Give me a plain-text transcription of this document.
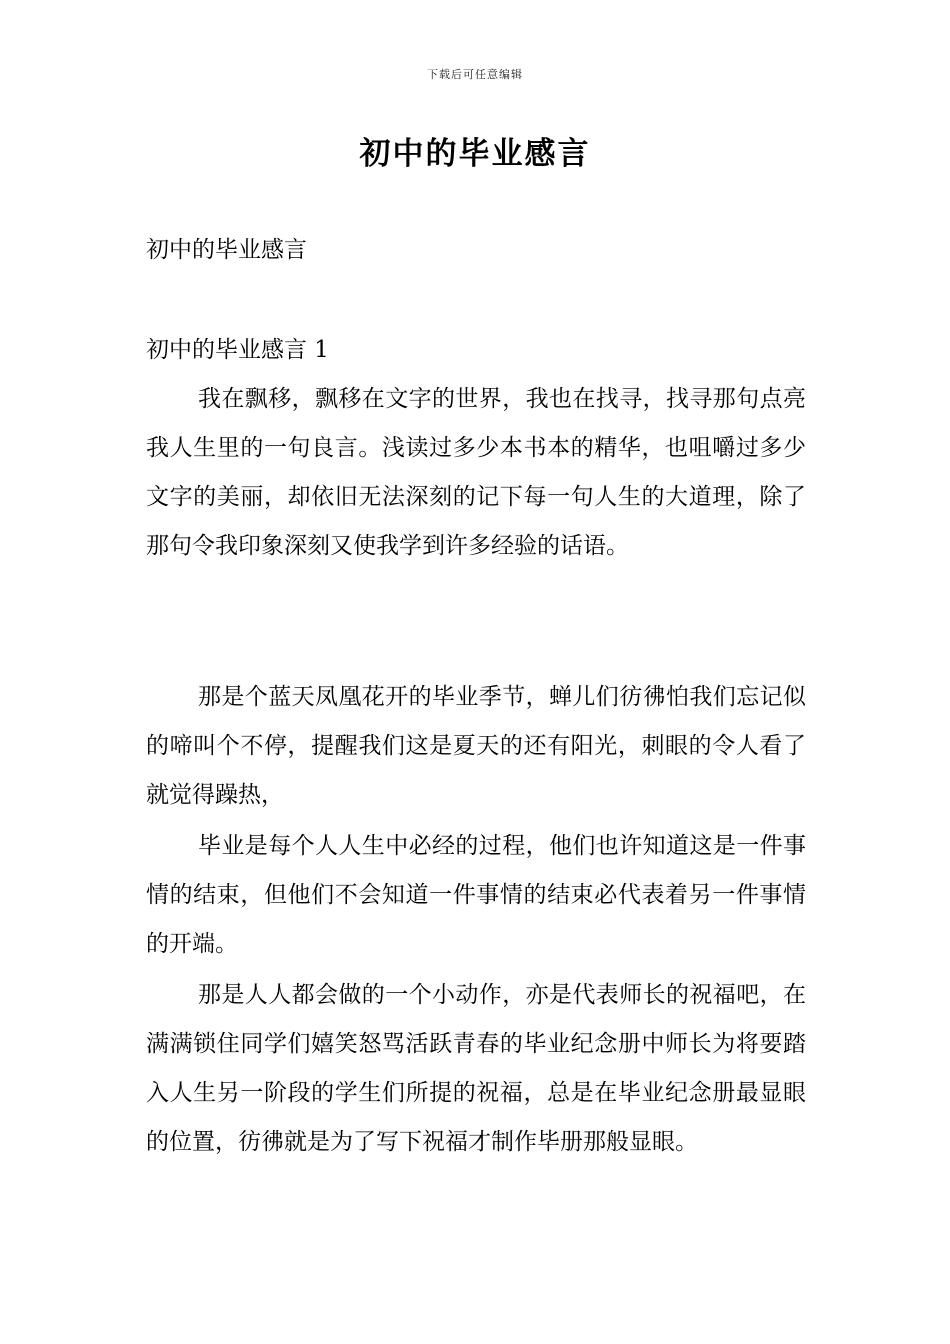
下载后可任意编辑
初中的毕业感言
初中的毕业感言
初中的毕业感言 1

我在飘移，飘移在文字的世界，我也在找寻，找寻那句点亮我人生里的一句良言。浅读过多少本书本的精华，也咀嚼过多少文字的美丽，却依旧无法深刻的记下每一句人生的大道理，除了那句令我印象深刻又使我学到许多经验的话语。

那是个蓝天凤凰花开的毕业季节，蝉儿们彷彿怕我们忘记似的啼叫个不停，提醒我们这是夏天的还有阳光，刺眼的令人看了就觉得躁热，

毕业是每个人人生中必经的过程，他们也许知道这是一件事情的结束，但他们不会知道一件事情的结束必代表着另一件事情的开端。

那是人人都会做的一个小动作，亦是代表师长的祝福吧，在满满锁住同学们嬉笑怒骂活跃青春的毕业纪念册中师长为将要踏入人生另一阶段的学生们所提的祝福，总是在毕业纪念册最显眼的位置，彷彿就是为了写下祝福才制作毕册那般显眼。
